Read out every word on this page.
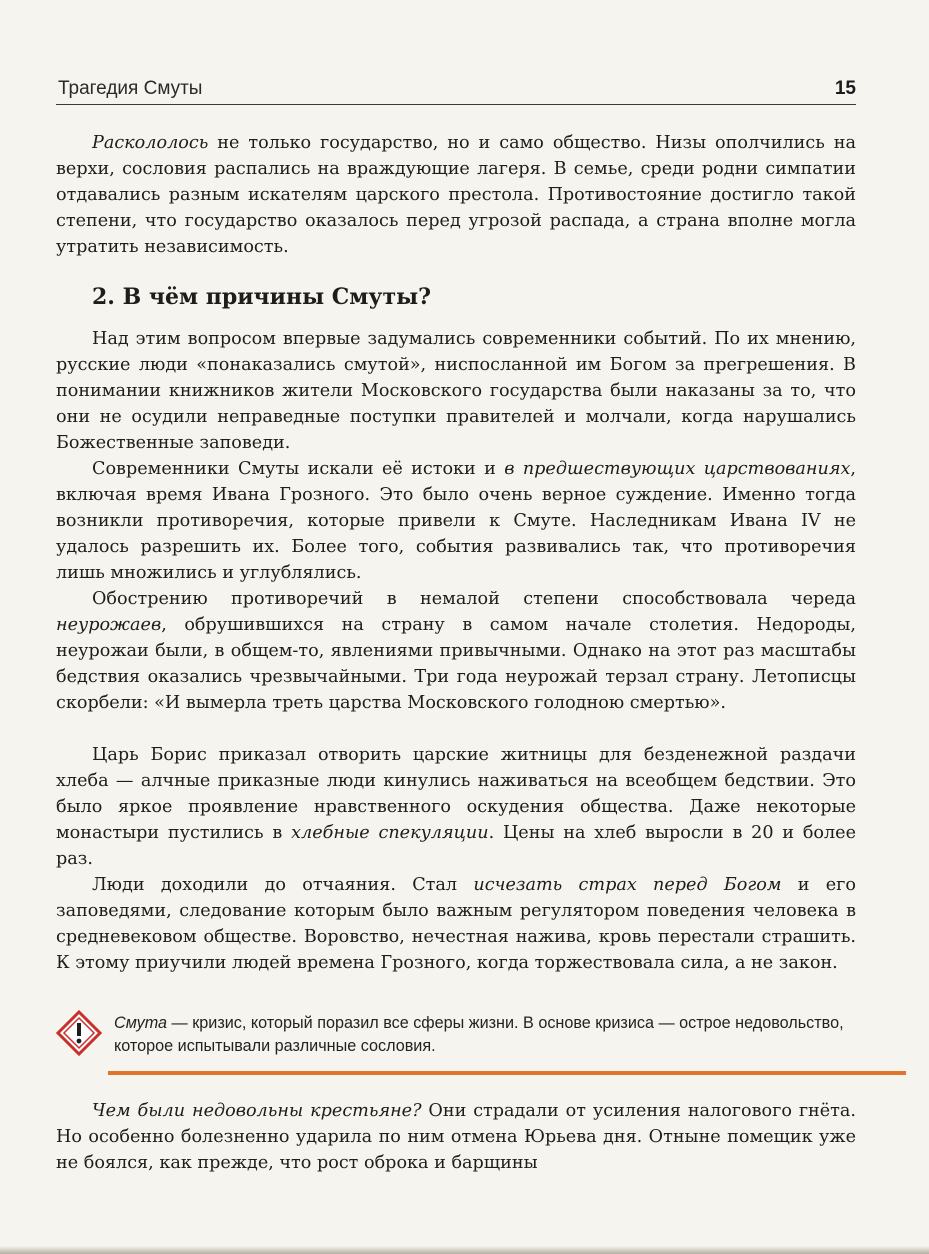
Трагедия Смуты	15

Раскололось не только государство, но и само общество. Низы ополчились на верхи, сословия распались на враждующие лагеря. В семье, среди родни симпатии отдавались разным искателям царского престола. Противостояние достигло такой степени, что государство оказалось перед угрозой распада, а страна вполне могла утратить независимость.

2. В чём причины Смуты?

Над этим вопросом впервые задумались современники событий. По их мнению, русские люди «понаказались смутой», ниспосланной им Богом за прегрешения. В понимании книжников жители Московского государства были наказаны за то, что они не осудили неправедные поступки правителей и молчали, когда нарушались Божественные заповеди.

Современники Смуты искали её истоки и в предшествующих царствованиях, включая время Ивана Грозного. Это было очень верное суждение. Именно тогда возникли противоречия, которые привели к Смуте. Наследникам Ивана IV не удалось разрешить их. Более того, события развивались так, что противоречия лишь множились и углублялись.

Обострению противоречий в немалой степени способствовала череда неурожаев, обрушившихся на страну в самом начале столетия. Недороды, неурожаи были, в общем-то, явлениями привычными. Однако на этот раз масштабы бедствия оказались чрезвычайными. Три года неурожай терзал страну. Летописцы скорбели: «И вымерла треть царства Московского голодною смертью».

Царь Борис приказал отворить царские житницы для безденежной раздачи хлеба — алчные приказные люди кинулись наживаться на всеобщем бедствии. Это было яркое проявление нравственного оскудения общества. Даже некоторые монастыри пустились в хлебные спекуляции. Цены на хлеб выросли в 20 и более раз.

Люди доходили до отчаяния. Стал исчезать страх перед Богом и его заповедями, следование которым было важным регулятором поведения человека в средневековом обществе. Воровство, нечестная нажива, кровь перестали страшить. К этому приучили людей времена Грозного, когда торжествовала сила, а не закон.

Смута — кризис, который поразил все сферы жизни. В основе кризиса — острое недовольство, которое испытывали различные сословия.

Чем были недовольны крестьяне? Они страдали от усиления налогового гнёта. Но особенно болезненно ударила по ним отмена Юрьева дня. Отныне помещик уже не боялся, как прежде, что рост оброка и барщины
